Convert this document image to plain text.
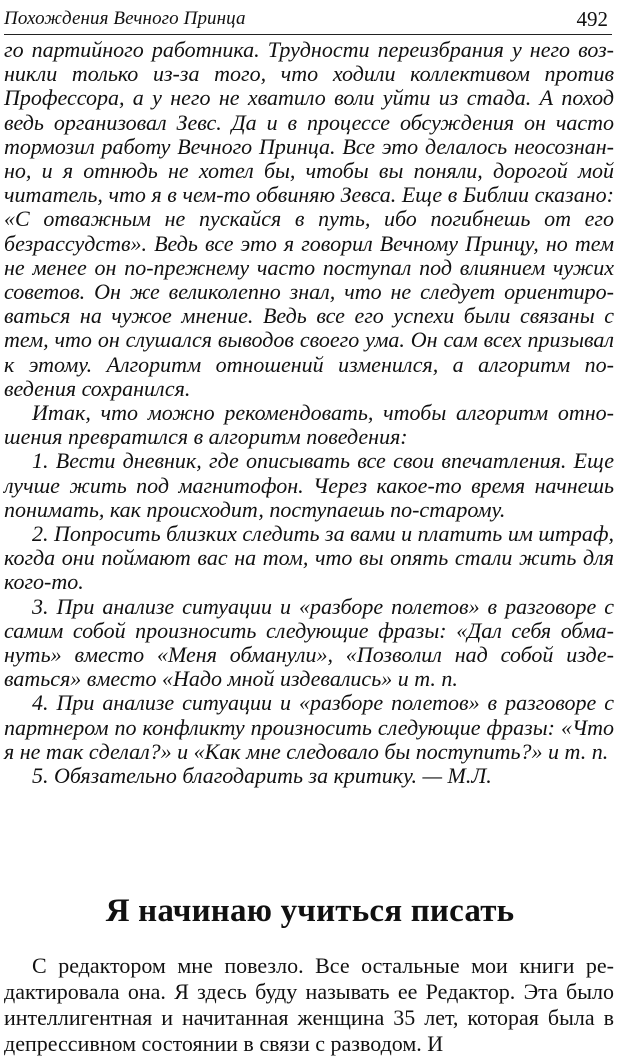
Похождения Вечного Принца	492

го партийного работника. Трудности переизбрания у него возникли только из-за того, что ходили коллективом против Профессора, а у него не хватило воли уйти из стада. А поход ведь организовал Зевс. Да и в процессе обсуждения он часто тормозил работу Вечного Принца. Все это делалось неосознанно, и я отнюдь не хотел бы, чтобы вы поняли, дорогой мой читатель, что я в чем-то обвиняю Зевса. Еще в Библии сказано: «С отважным не пускайся в путь, ибо погибнешь от его безрассудств». Ведь все это я говорил Вечному Принцу, но тем не менее он по-прежнему часто поступал под влиянием чужих советов. Он же великолепно знал, что не следует ориентироваться на чужое мнение. Ведь все его успехи были связаны с тем, что он слушался выводов своего ума. Он сам всех призывал к этому. Алгоритм отношений изменился, а алгоритм поведения сохранился.

Итак, что можно рекомендовать, чтобы алгоритм отношения превратился в алгоритм поведения:

1. Вести дневник, где описывать все свои впечатления. Еще лучше жить под магнитофон. Через какое-то время начнешь понимать, как происходит, поступаешь по-старому.

2. Попросить близких следить за вами и платить им штраф, когда они поймают вас на том, что вы опять стали жить для кого-то.

3. При анализе ситуации и «разборе полетов» в разговоре с самим собой произносить следующие фразы: «Дал себя обмануть» вместо «Меня обманули», «Позволил над собой издеваться» вместо «Надо мной издевались» и т. п.

4. При анализе ситуации и «разборе полетов» в разговоре с партнером по конфликту произносить следующие фразы: «Что я не так сделал?» и «Как мне следовало бы поступить?» и т. п.

5. Обязательно благодарить за критику. — М.Л.

Я начинаю учиться писать

С редактором мне повезло. Все остальные мои книги редактировала она. Я здесь буду называть ее Редактор. Эта было интеллигентная и начитанная женщина 35 лет, которая была в депрессивном состоянии в связи с разводом. И
